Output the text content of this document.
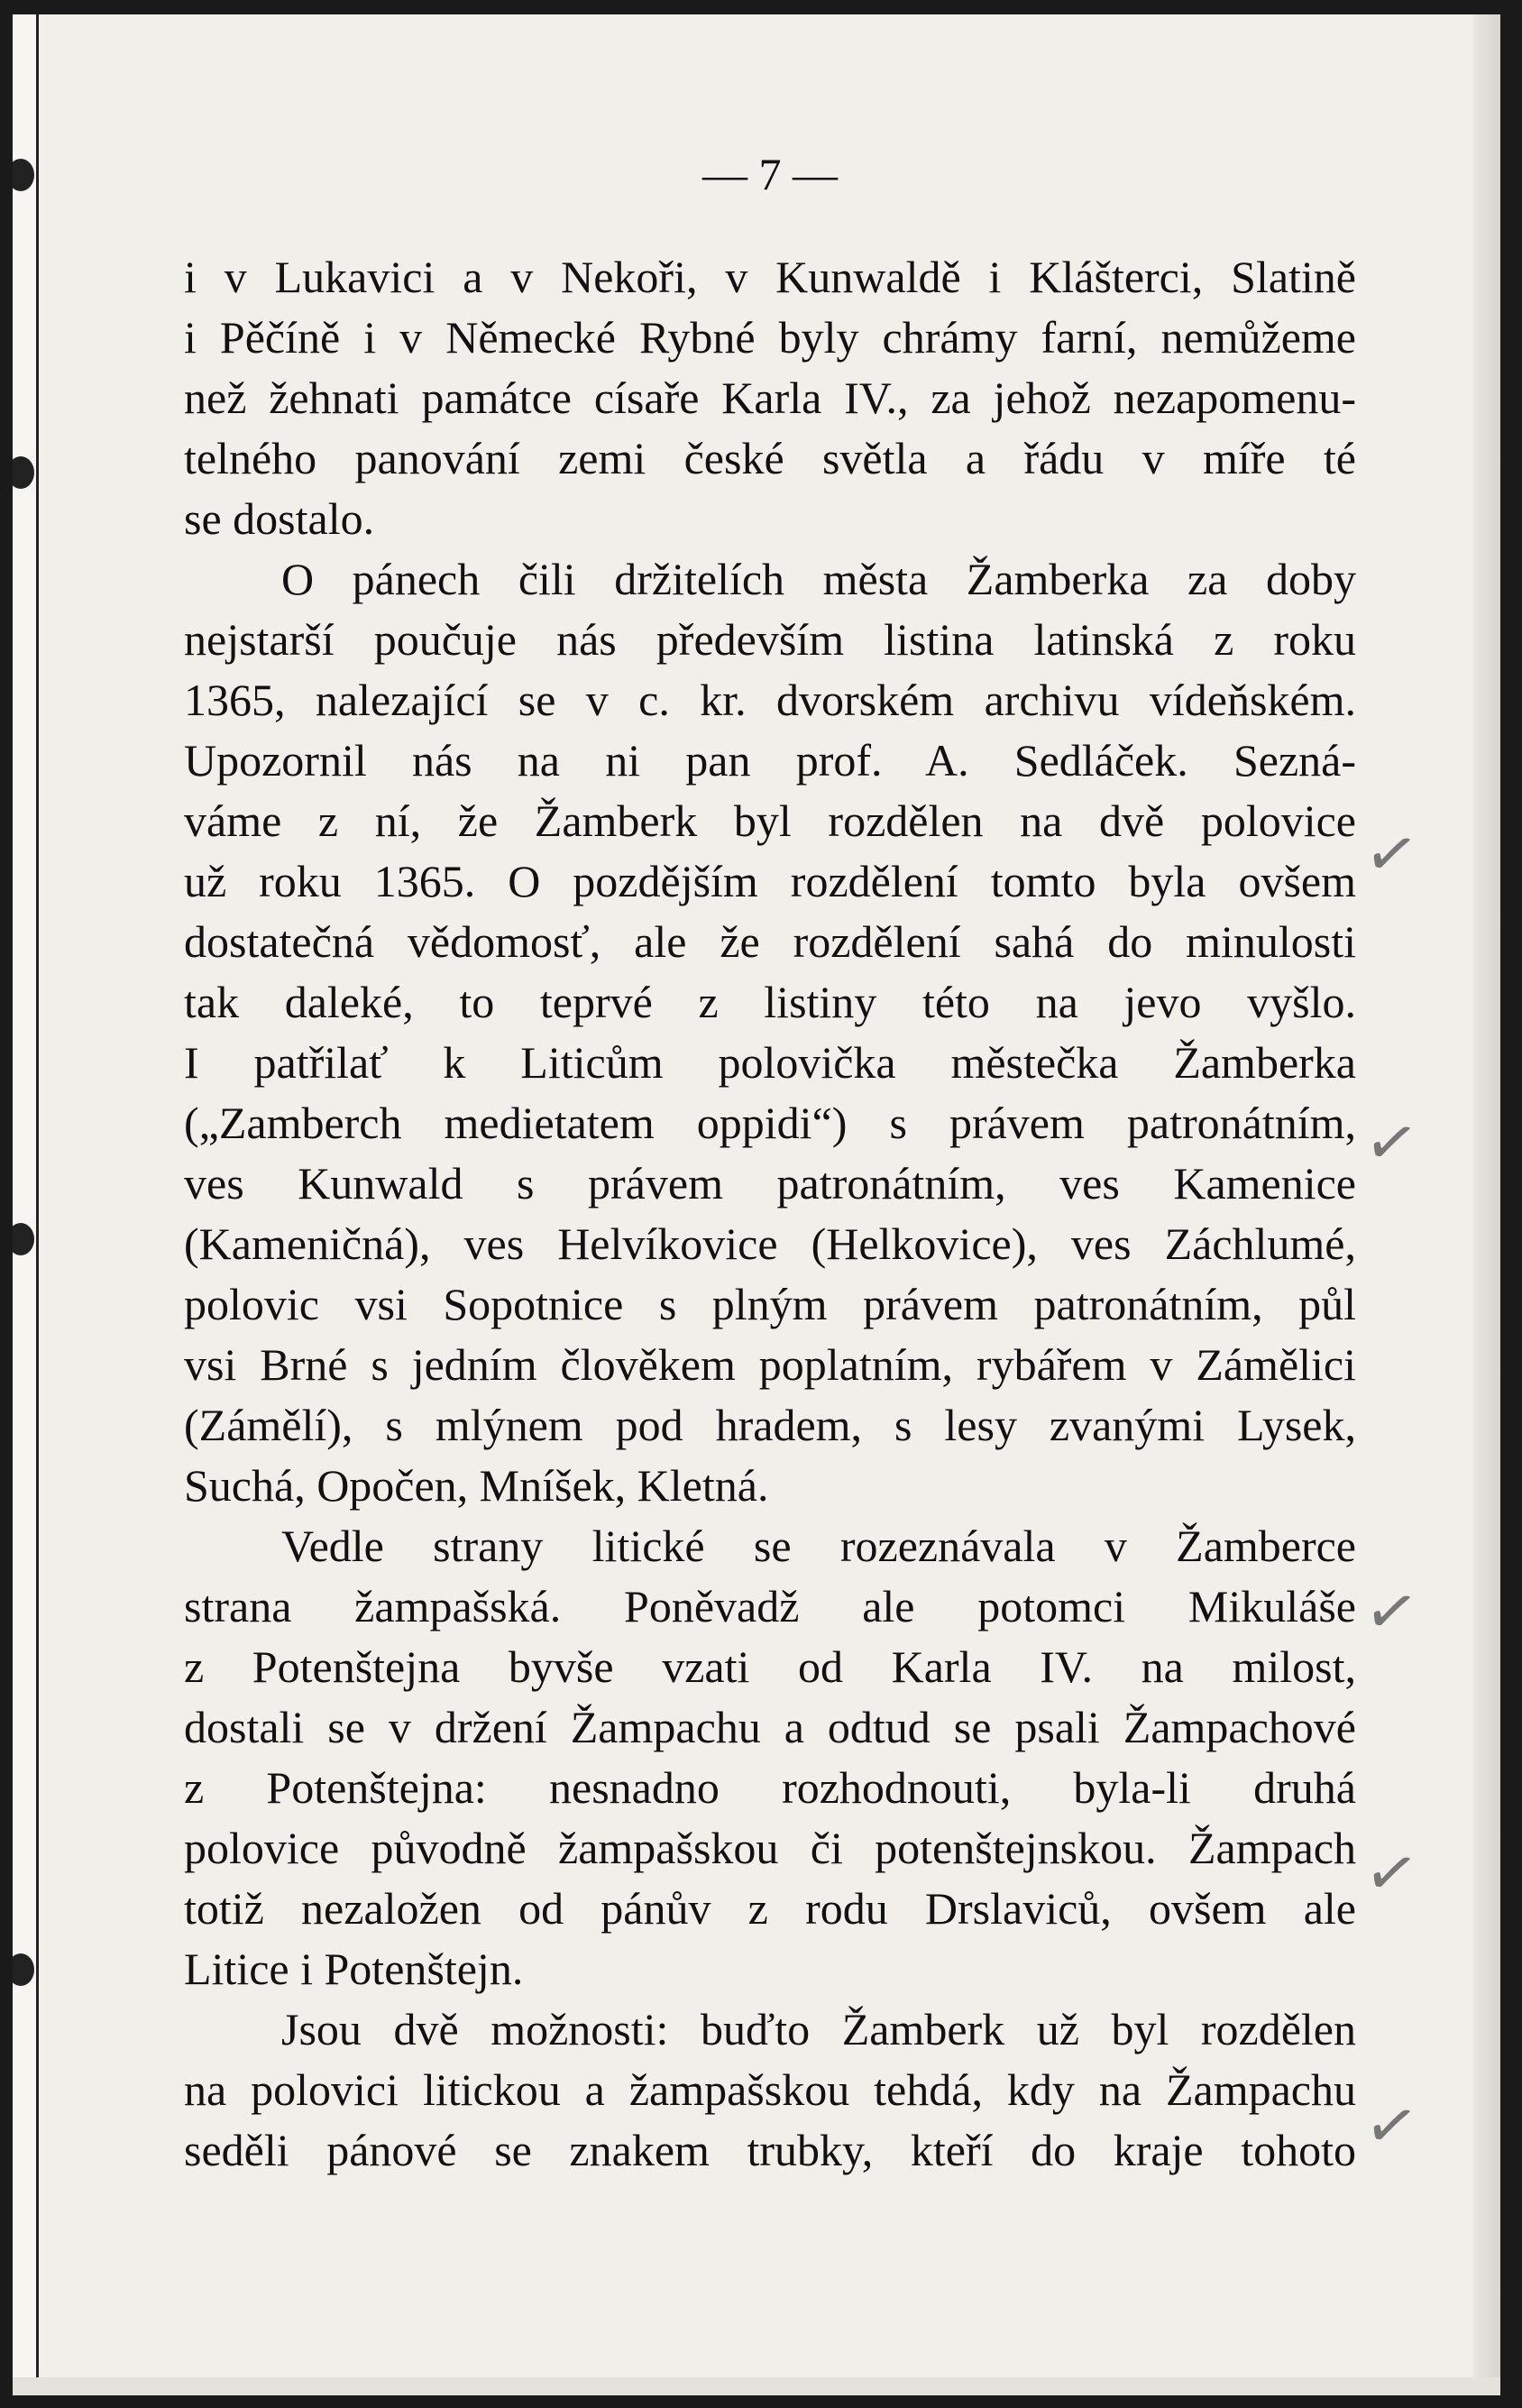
— 7 —
i v Lukavici a v Nekoři, v Kunwaldě i Klášterci, Slatině
i Pěčíně i v Německé Rybné byly chrámy farní, nemůžeme
než žehnati památce císaře Karla IV., za jehož nezapomenu-
telného panování zemi české světla a řádu v míře té
se dostalo.
O pánech čili držitelích města Žamberka za doby
nejstarší poučuje nás především listina latinská z roku
1365, nalezající se v c. kr. dvorském archivu vídeňském.
Upozornil nás na ni pan prof. A. Sedláček. Sezná-
váme z ní, že Žamberk byl rozdělen na dvě polovice
už roku 1365. O pozdějším rozdělení tomto byla ovšem
dostatečná vědomosť, ale že rozdělení sahá do minulosti
tak daleké, to teprvé z listiny této na jevo vyšlo.
I patřilať k Liticům polovička městečka Žamberka
(„Zamberch medietatem oppidi“) s právem patronátním,
ves Kunwald s právem patronátním, ves Kamenice
(Kameničná), ves Helvíkovice (Helkovice), ves Záchlumé,
polovic vsi Sopotnice s plným právem patronátním, půl
vsi Brné s jedním člověkem poplatním, rybářem v Zámělici
(Zámělí), s mlýnem pod hradem, s lesy zvanými Lysek,
Suchá, Opočen, Mníšek, Kletná.
Vedle strany litické se rozeznávala v Žamberce
strana žampašská. Poněvadž ale potomci Mikuláše
z Potenštejna byvše vzati od Karla IV. na milost,
dostali se v držení Žampachu a odtud se psali Žampachové
z Potenštejna: nesnadno rozhodnouti, byla-li druhá
polovice původně žampašskou či potenštejnskou. Žampach
totiž nezaložen od pánův z rodu Drslaviců, ovšem ale
Litice i Potenštejn.
Jsou dvě možnosti: buďto Žamberk už byl rozdělen
na polovici litickou a žampašskou tehdá, kdy na Žampachu
seděli pánové se znakem trubky, kteří do kraje tohoto
✓
✓
✓
✓
✓
